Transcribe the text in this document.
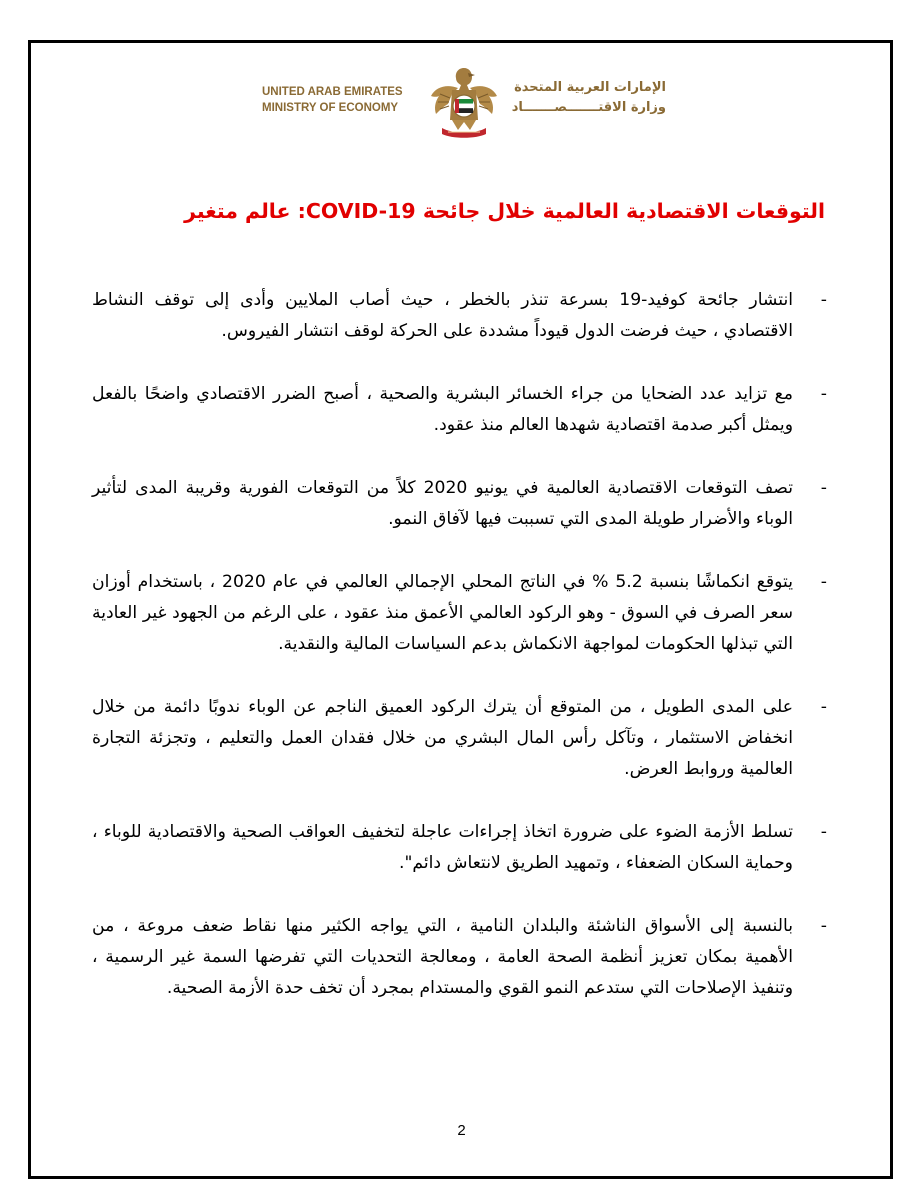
UNITED ARAB EMIRATES
MINISTRY OF ECONOMY
الإمارات العربية المتحدة
وزارة الاقتـــــــصـــــــاد
التوقعات الاقتصادية العالمية خلال جائحة COVID-19: عالم متغير
-
انتشار جائحة كوفيد-19 بسرعة تنذر بالخطر ، حيث أصاب الملايين وأدى إلى توقف النشاط الاقتصادي ، حيث فرضت الدول قيوداً مشددة على الحركة لوقف انتشار الفيروس.
-
مع تزايد عدد الضحايا من جراء الخسائر البشرية والصحية ، أصبح الضرر الاقتصادي واضحًا بالفعل ويمثل أكبر صدمة اقتصادية شهدها العالم منذ عقود.
-
تصف التوقعات الاقتصادية العالمية في يونيو 2020 كلاً من التوقعات الفورية وقريبة المدى لتأثير الوباء والأضرار طويلة المدى التي تسببت فيها لآفاق النمو.
-
يتوقع انكماشًا بنسبة 5.2 % في الناتج المحلي الإجمالي العالمي في عام 2020 ، باستخدام أوزان سعر الصرف في السوق - وهو الركود العالمي الأعمق منذ عقود ، على الرغم من الجهود غير العادية التي تبذلها الحكومات لمواجهة الانكماش بدعم السياسات المالية والنقدية.
-
على المدى الطويل ، من المتوقع أن يترك الركود العميق الناجم عن الوباء ندوبًا دائمة من خلال انخفاض الاستثمار ، وتآكل رأس المال البشري من خلال فقدان العمل والتعليم ، وتجزئة التجارة العالمية وروابط العرض.
-
تسلط الأزمة الضوء على ضرورة اتخاذ إجراءات عاجلة لتخفيف العواقب الصحية والاقتصادية للوباء ، وحماية السكان الضعفاء ، وتمهيد الطريق لانتعاش دائم".
-
بالنسبة إلى الأسواق الناشئة والبلدان النامية ، التي يواجه الكثير منها نقاط ضعف مروعة ، من الأهمية بمكان تعزيز أنظمة الصحة العامة ، ومعالجة التحديات التي تفرضها السمة غير الرسمية ، وتنفيذ الإصلاحات التي ستدعم النمو القوي والمستدام بمجرد أن تخف حدة الأزمة الصحية.
2
